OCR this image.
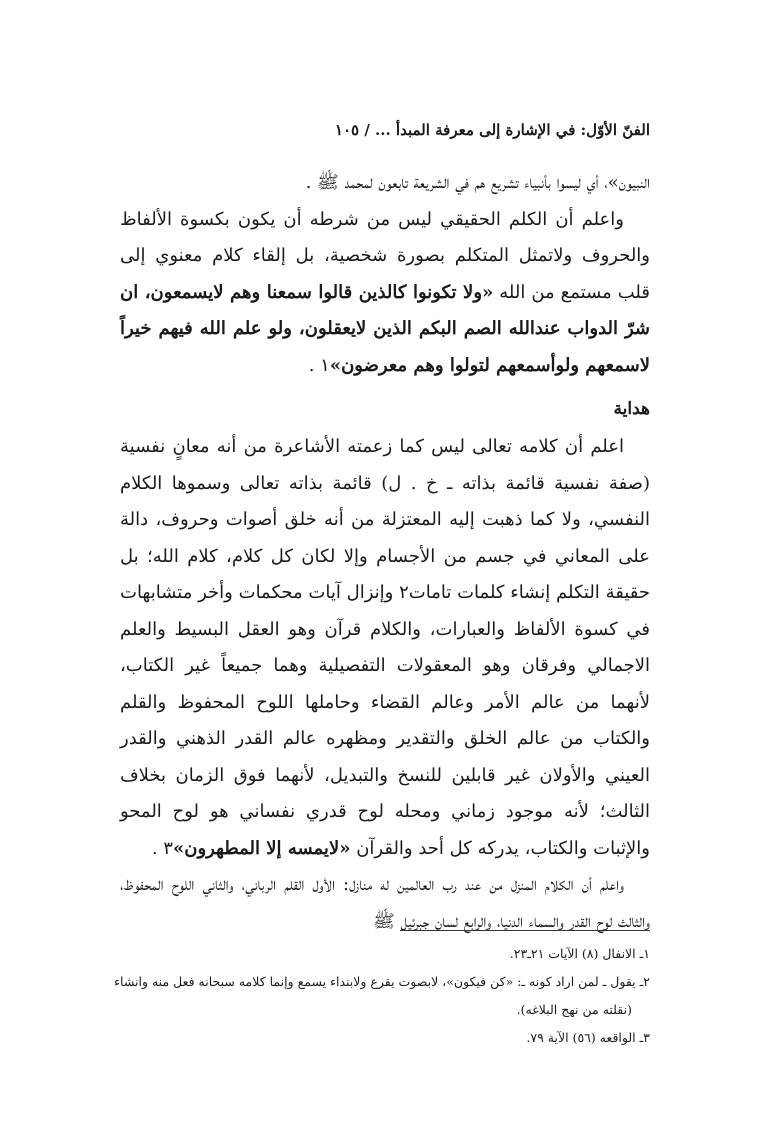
الفنّ الأوّل: في الإشارة إلى معرفة المبدأ ... / ١٠٥

النبيون»، أي ليسوا بأنبياء تشريع هم في الشريعة تابعون لمحمد ﷺ .

واعلم أن الكلم الحقيقي ليس من شرطه أن يكون بكسوة الألفاظ والحروف ولاتمثل المتكلم بصورة شخصية، بل إلقاء كلام معنوي إلى قلب مستمع من الله «ولا تكونوا كالذين قالوا سمعنا وهم لايسمعون، ان شرّ الدواب عندالله الصم البكم الذين لايعقلون، ولو علم الله فيهم خيراً لاسمعهم ولوأسمعهم لتولوا وهم معرضون»١ .

هداية

اعلم أن كلامه تعالى ليس كما زعمته الأشاعرة من أنه معانٍ نفسية (صفة نفسية قائمة بذاته ـ خ . ل) قائمة بذاته تعالى وسموها الكلام النفسي، ولا كما ذهبت إليه المعتزلة من أنه خلق أصوات وحروف، دالة على المعاني في جسم من الأجسام وإلا لكان كل كلام، كلام الله؛ بل حقيقة التكلم إنشاء كلمات تامات٢ وإنزال آيات محكمات وأخر متشابهات في كسوة الألفاظ والعبارات، والكلام قرآن وهو العقل البسيط والعلم الاجمالي وفرقان وهو المعقولات التفصيلية وهما جميعاً غير الكتاب، لأنهما من عالم الأمر وعالم القضاء وحاملها اللوح المحفوظ والقلم والكتاب من عالم الخلق والتقدير ومظهره عالم القدر الذهني والقدر العيني والأولان غير قابلين للنسخ والتبديل، لأنهما فوق الزمان بخلاف الثالث؛ لأنه موجود زماني ومحله لوح قدري نفساني هو لوح المحو والإثبات والكتاب، يدركه كل أحد والقرآن «لايمسه إلا المطهرون»٣ .

واعلم أن الكلام المنزل من عند رب العالمين له منازل: الأول القلم الرباني، والثاني اللوح المحفوظ، والثالث لوح القدر والسماء الدنيا، والرابع لسان جبرئيل ﷺ

١ـ الانفال (٨) الآيات ٢١ـ٢٣.

٢ـ يقول ـ لمن اراد كونه ـ: «كن فيكون»، لابصوت يقرع ولابنداء يسمع وإنما كلامه سبحانه فعل منه وانشاء

(نقلته من نهج البلاغه).

٣ـ الواقعه (٥٦) الآية ٧٩.
